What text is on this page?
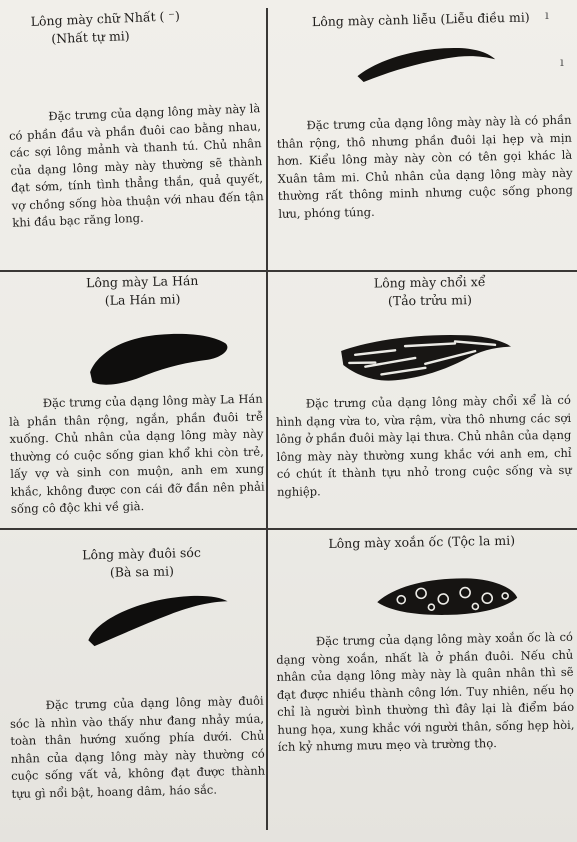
ı
ı

Lông mày chữ Nhất ( ⁻)

(Nhất tự mi)

Đặc trưng của dạng lông mày này là có phần đầu và phần đuôi cao bằng nhau, các sợi lông mảnh và thanh tú. Chủ nhân của dạng lông mày này thường sẽ thành đạt sớm, tính tình thẳng thắn, quả quyết, vợ chồng sống hòa thuận với nhau đến tận khi đầu bạc răng long.

Lông mày cành liễu (Liễu điều mi)

Đặc trưng của dạng lông mày này là có phần thân rộng, thô nhưng phần đuôi lại hẹp và mịn hơn. Kiểu lông mày này còn có tên gọi khác là Xuân tâm mi. Chủ nhân của dạng lông mày này thường rất thông minh nhưng cuộc sống phong lưu, phóng túng.

Lông mày La Hán

(La Hán mi)

Đặc trưng của dạng lông mày La Hán là phần thân rộng, ngắn, phần đuôi trễ xuống. Chủ nhân của dạng lông mày này thường có cuộc sống gian khổ khi còn trẻ, lấy vợ và sinh con muộn, anh em xung khắc, không được con cái đỡ đần nên phải sống cô độc khi về già.

Lông mày chổi xể

(Tảo trửu mi)

Đặc trưng của dạng lông mày chổi xể là có hình dạng vừa to, vừa rậm, vừa thô nhưng các sợi lông ở phần đuôi mày lại thưa. Chủ nhân của dạng lông mày này thường xung khắc với anh em, chỉ có chút ít thành tựu nhỏ trong cuộc sống và sự nghiệp.

Lông mày đuôi sóc

(Bà sa mi)

Đặc trưng của dạng lông mày đuôi sóc là nhìn vào thấy như đang nhảy múa, toàn thân hướng xuống phía dưới. Chủ nhân của dạng lông mày này thường có cuộc sống vất vả, không đạt được thành tựu gì nổi bật, hoang dâm, háo sắc.

Lông mày xoắn ốc (Tộc la mi)

Đặc trưng của dạng lông mày xoắn ốc là có dạng vòng xoắn, nhất là ở phần đuôi. Nếu chủ nhân của dạng lông mày này là quân nhân thì sẽ đạt được nhiều thành công lớn. Tuy nhiên, nếu họ chỉ là người bình thường thì đây lại là điểm báo hung họa, xung khắc với người thân, sống hẹp hòi, ích kỷ nhưng mưu mẹo và trường thọ.
